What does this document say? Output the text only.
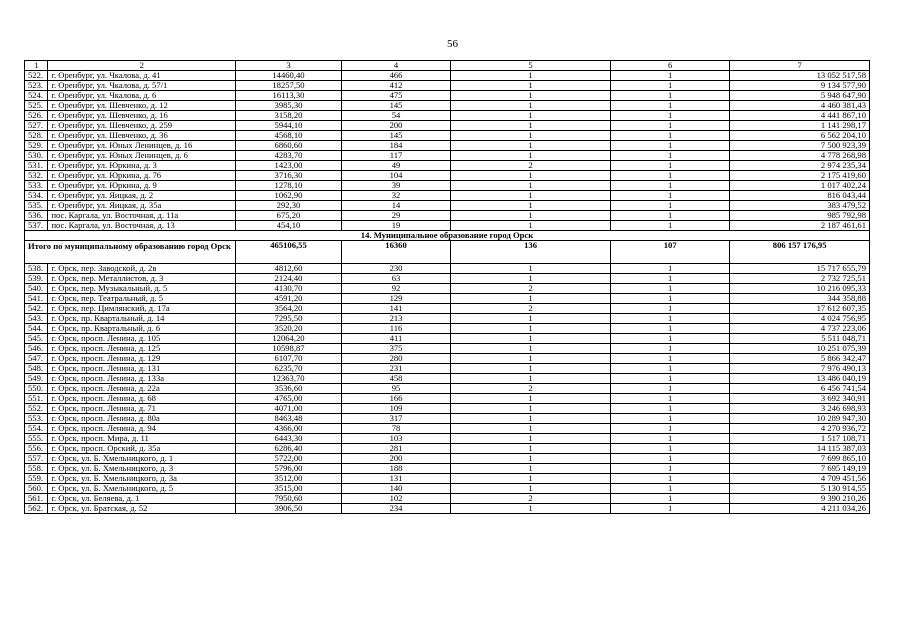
56
1	2	3	4	5	6	7
522.	г. Оренбург, ул. Чкалова, д. 41	14460,40	466	1	1	13 052 517,58
523.	г. Оренбург, ул. Чкалова, д. 57/1	18257,50	412	1	1	9 134 577,90
524.	г. Оренбург, ул. Чкалова, д. 6	16113,30	475	1	1	5 948 647,90
525.	г. Оренбург, ул. Шевченко, д. 12	3985,30	145	1	1	4 460 381,43
526.	г. Оренбург, ул. Шевченко, д. 16	3158,20	54	1	1	4 441 867,10
527.	г. Оренбург, ул. Шевченко, д. 259	5944,10	200	1	1	1 141 298,17
528.	г. Оренбург, ул. Шевченко, д. 36	4568,10	145	1	1	6 562 204,10
529.	г. Оренбург, ул. Юных Ленинцев, д. 16	6860,60	184	1	1	7 500 923,39
530.	г. Оренбург, ул. Юных Ленинцев, д. 6	4283,70	117	1	1	4 778 268,98
531.	г. Оренбург, ул. Юркина, д. 3	1423,00	49	2	1	2 974 235,34
532.	г. Оренбург, ул. Юркина, д. 76	3716,30	104	1	1	2 175 419,60
533.	г. Оренбург, ул. Юркина, д. 9	1278,10	39	1	1	1 017 402,24
534.	г. Оренбург, ул. Яицкая, д. 2	1062,90	32	1	1	816 043,44
535.	г. Оренбург, ул. Яицкая, д. 35а	292,30	14	1	1	383 479,52
536.	пос. Каргала, ул. Восточная, д. 11а	675,20	29	1	1	985 792,98
537.	пос. Каргала, ул. Восточная, д. 13	454,10	19	1	1	2 187 461,61
14. Муниципальное образование город Орск						
Итого по муниципальному образованию город Орск		465106,55	16360	136	107	806 157 176,95
538.	г. Орск, пер. Заводской, д. 2в	4812,60	230	1	1	15 717 655,79
539.	г. Орск, пер. Металлистов, д. 3	2124,40	63	1	1	2 732 725,51
540.	г. Орск, пер. Музыкальный, д. 5	4130,70	92	2	1	10 216 095,33
541.	г. Орск, пер. Театральный, д. 5	4591,20	129	1	1	344 358,88
542.	г. Орск, пер. Цимлянский, д. 17а	3564,20	141	2	1	17 612 607,35
543.	г. Орск, пр. Квартальный, д. 14	7295,50	213	1	1	4 024 756,95
544.	г. Орск, пр. Квартальный, д. 6	3520,20	116	1	1	4 737 223,06
545.	г. Орск, просп. Ленина, д. 105	12064,20	411	1	1	5 511 048,71
546.	г. Орск, просп. Ленина, д. 125	10598,87	375	1	1	10 251 075,39
547.	г. Орск, просп. Ленина, д. 129	6107,70	280	1	1	5 866 342,47
548.	г. Орск, просп. Ленина, д. 131	6235,70	231	1	1	7 976 490,13
549.	г. Орск, просп. Ленина, д. 133а	12363,70	458	1	1	13 486 040,19
550.	г. Орск, просп. Ленина, д. 22а	3536,60	95	2	1	6 456 741,54
551.	г. Орск, просп. Ленина, д. 68	4765,00	166	1	1	3 692 340,91
552.	г. Орск, просп. Ленина, д. 71	4071,00	109	1	1	3 246 698,93
553.	г. Орск, просп. Ленина, д. 80а	8463,48	317	1	1	10 289 947,30
554.	г. Орск, просп. Ленина, д. 94	4366,00	78	1	1	4 270 936,72
555.	г. Орск, просп. Мира, д. 11	6443,30	103	1	1	1 517 108,71
556.	г. Орск, просп. Орский, д. 35а	6286,40	281	1	1	14 115 387,03
557.	г. Орск, ул. Б. Хмельницкого, д. 1	5722,00	200	1	1	7 699 865,10
558.	г. Орск, ул. Б. Хмельницкого, д. 3	5796,00	188	1	1	7 695 149,19
559.	г. Орск, ул. Б. Хмельницкого, д. 3а	3512,00	131	1	1	4 709 451,56
560.	г. Орск, ул. Б. Хмельницкого, д. 5	3515,00	140	1	1	5 130 914,55
561.	г. Орск, ул. Беляева, д. 1	7950,60	102	2	1	9 390 210,26
562.	г. Орск, ул. Братская, д. 52	3906,50	234	1	1	4 211 034,26
